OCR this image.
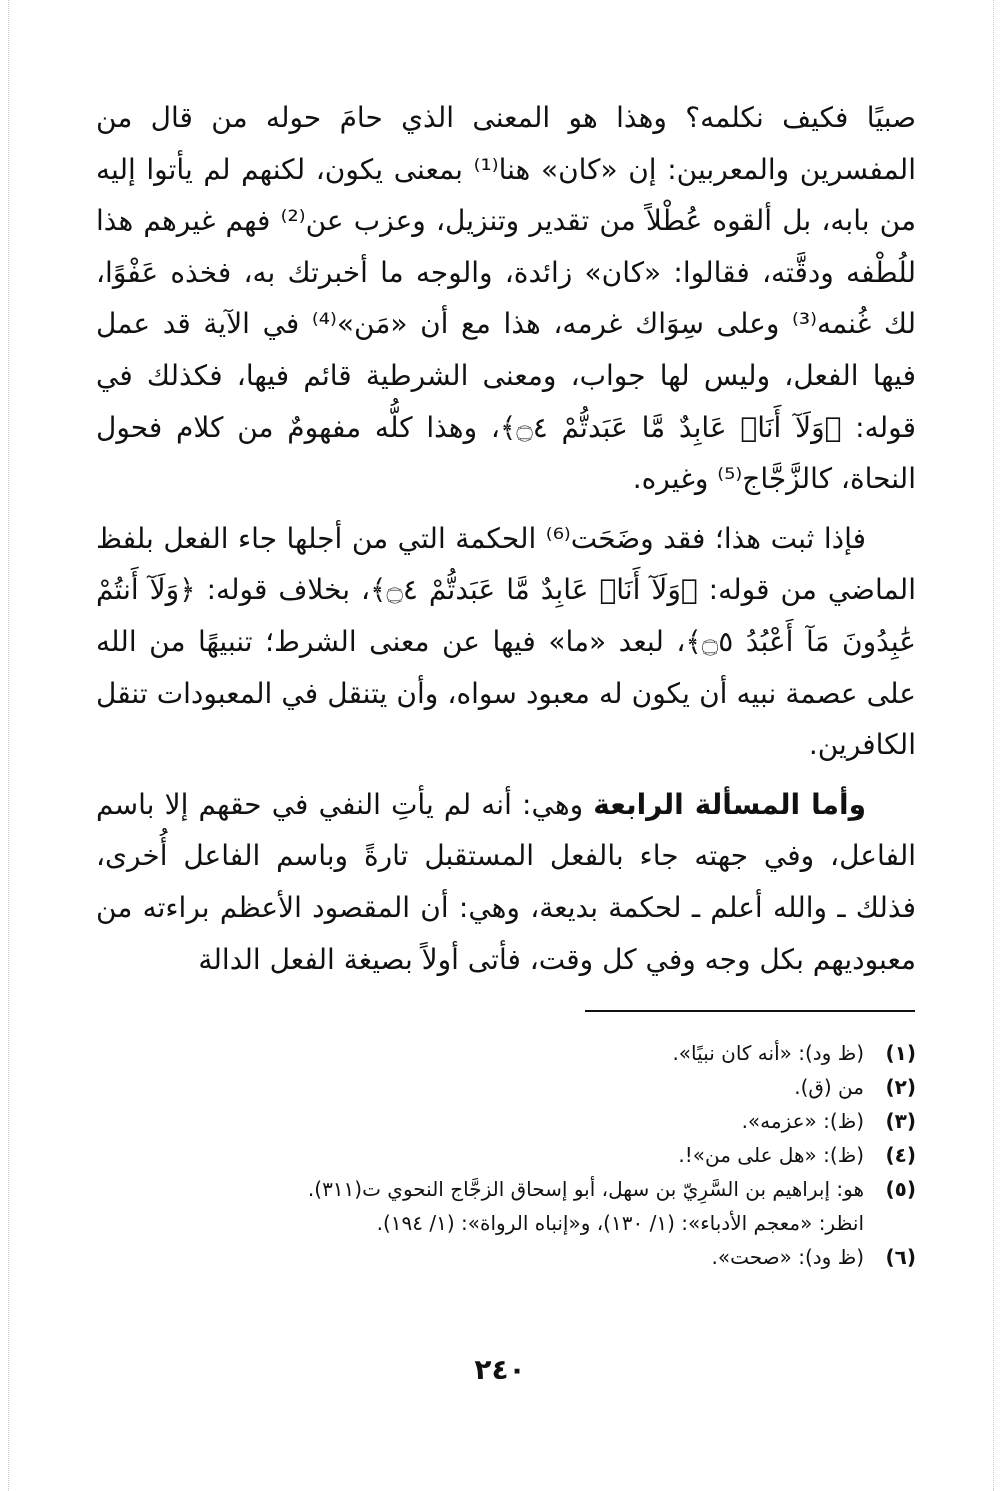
صبيًا فكيف نكلمه؟ وهذا هو المعنى الذي حامَ حوله من قال من المفسرين والمعربين: إن «كان» هنا⁽¹⁾ بمعنى يكون، لكنهم لم يأتوا إليه من بابه، بل ألقوه عُطْلاً من تقدير وتنزيل، وعزب عن⁽²⁾ فهم غيرهم هذا للُطْفه ودقَّته، فقالوا: «كان» زائدة، والوجه ما أخبرتك به، فخذه عَفْوًا، لك غُنمه⁽³⁾ وعلى سِوَاك غرمه، هذا مع أن «مَن»⁽⁴⁾ في الآية قد عمل فيها الفعل، وليس لها جواب، ومعنى الشرطية قائم فيها، فكذلك في قوله: ﴿وَلَآ أَنَا۠ عَابِدٌ مَّا عَبَدتُّمْ ۝٤﴾، وهذا كلُّه مفهومٌ من كلام فحول النحاة، كالزَّجَّاج⁽⁵⁾ وغيره.

فإذا ثبت هذا؛ فقد وضَحَت⁽⁶⁾ الحكمة التي من أجلها جاء الفعل بلفظ الماضي من قوله: ﴿وَلَآ أَنَا۠ عَابِدٌ مَّا عَبَدتُّمْ ۝٤﴾، بخلاف قوله: ﴿وَلَآ أَنتُمْ عَٰبِدُونَ مَآ أَعْبُدُ ۝٥﴾، لبعد «ما» فيها عن معنى الشرط؛ تنبيهًا من الله على عصمة نبيه أن يكون له معبود سواه، وأن يتنقل في المعبودات تنقل الكافرين.

وأما المسألة الرابعة وهي: أنه لم يأتِ النفي في حقهم إلا باسم الفاعل، وفي جهته جاء بالفعل المستقبل تارةً وباسم الفاعل أُخرى، فذلك ـ والله أعلم ـ لحكمة بديعة، وهي: أن المقصود الأعظم براءته من معبوديهم بكل وجه وفي كل وقت، فأتى أولاً بصيغة الفعل الدالة

(١)
(ظ ود): «أنه كان نبيًا».
(٢)
من (ق).
(٣)
(ظ): «عزمه».
(٤)
(ظ): «هل على من»!.
(٥)
هو: إبراهيم بن السَّرِيّ بن سهل، أبو إسحاق الزجَّاج النحوي ت(٣١١).
انظر: «معجم الأدباء»: (١/ ١٣٠)، و«إنباه الرواة»: (١/ ١٩٤).
(٦)
(ظ ود): «صحت».
٢٤٠
